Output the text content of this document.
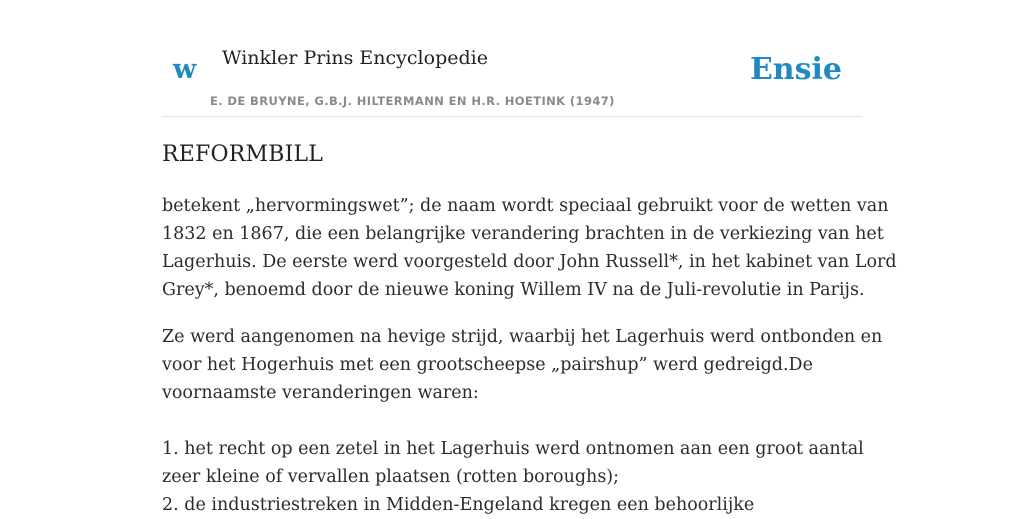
w Winkler Prins Encyclopedie
E. DE BRUYNE, G.B.J. HILTERMANN EN H.R. HOETINK (1947)
Ensie
REFORMBILL

betekent „hervormingswet”; de naam wordt speciaal gebruikt voor de wetten van
1832 en 1867, die een belangrijke verandering brachten in de verkiezing van het
Lagerhuis. De eerste werd voorgesteld door John Russell*, in het kabinet van Lord
Grey*, benoemd door de nieuwe koning Willem IV na de Juli-revolutie in Parijs.

Ze werd aangenomen na hevige strijd, waarbij het Lagerhuis werd ontbonden en
voor het Hogerhuis met een grootscheepse „pairshup” werd gedreigd.De
voornaamste veranderingen waren:

1. het recht op een zetel in het Lagerhuis werd ontnomen aan een groot aantal
zeer kleine of vervallen plaatsen (rotten boroughs);
2. de industriestreken in Midden-Engeland kregen een behoorlijke
